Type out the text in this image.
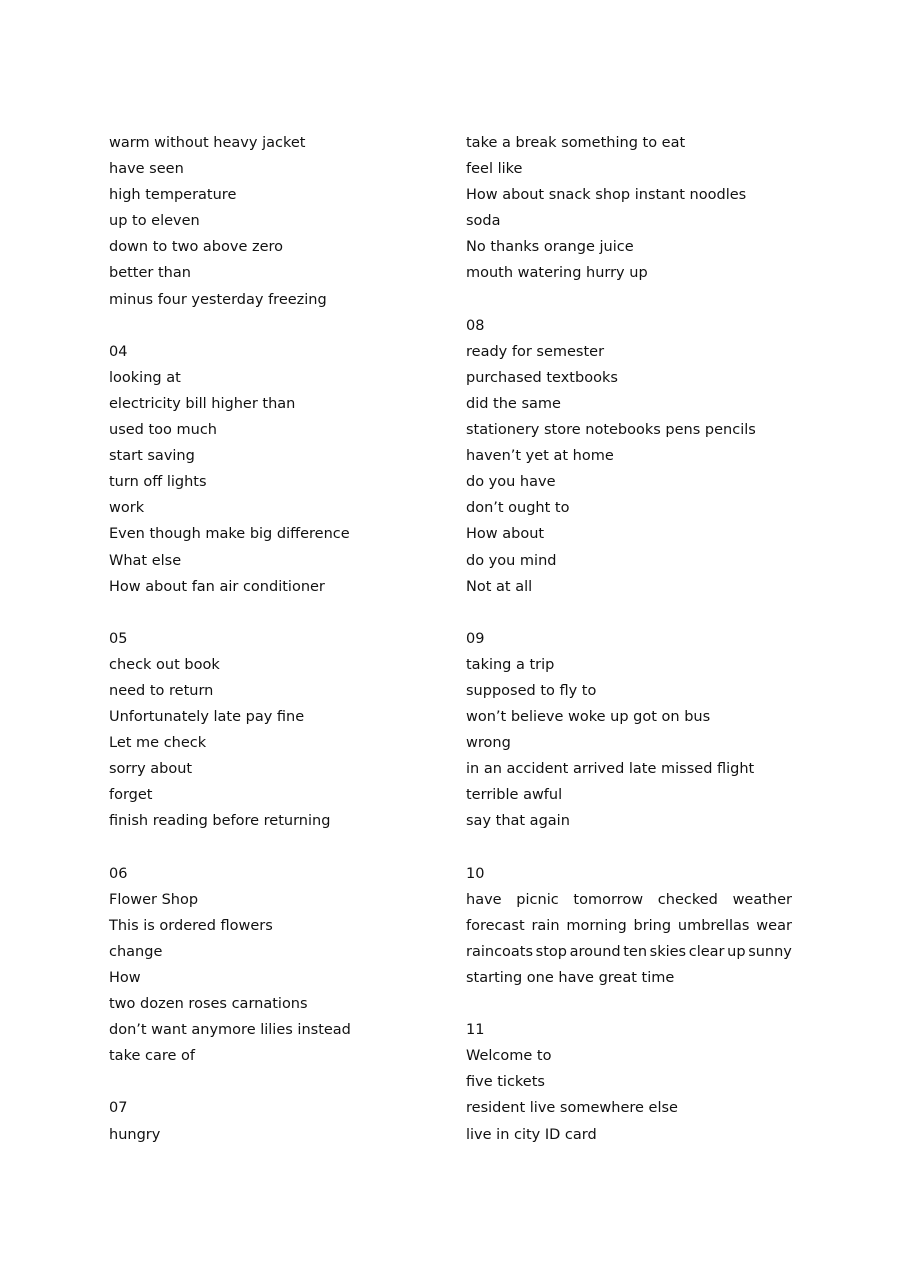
warm without heavy jacket

have seen

high temperature

up to eleven

down to two above zero

better than

minus four yesterday freezing

04

looking at

electricity bill higher than

used too much

start saving

turn off lights

work

Even though make big difference

What else

How about fan air conditioner

05

check out book

need to return

Unfortunately late pay fine

Let me check

sorry about

forget

finish reading before returning

06

Flower Shop

This is ordered flowers

change

How

two dozen roses carnations

don’t want anymore lilies instead

take care of

07

hungry

take a break something to eat

feel like

How about snack shop instant noodles

soda

No thanks orange juice

mouth watering hurry up

08

ready for semester

purchased textbooks

did the same

stationery store notebooks pens pencils

haven’t yet at home

do you have

don’t ought to

How about

do you mind

Not at all

09

taking a trip

supposed to fly to

won’t believe woke up got on bus

wrong

in an accident arrived late missed flight

terrible awful

say that again

10

have picnic tomorrow checked weather
forecast rain morning bring umbrellas wear
raincoats stop around ten skies clear up sunny

starting one have great time

11

Welcome to

five tickets

resident live somewhere else

live in city ID card
